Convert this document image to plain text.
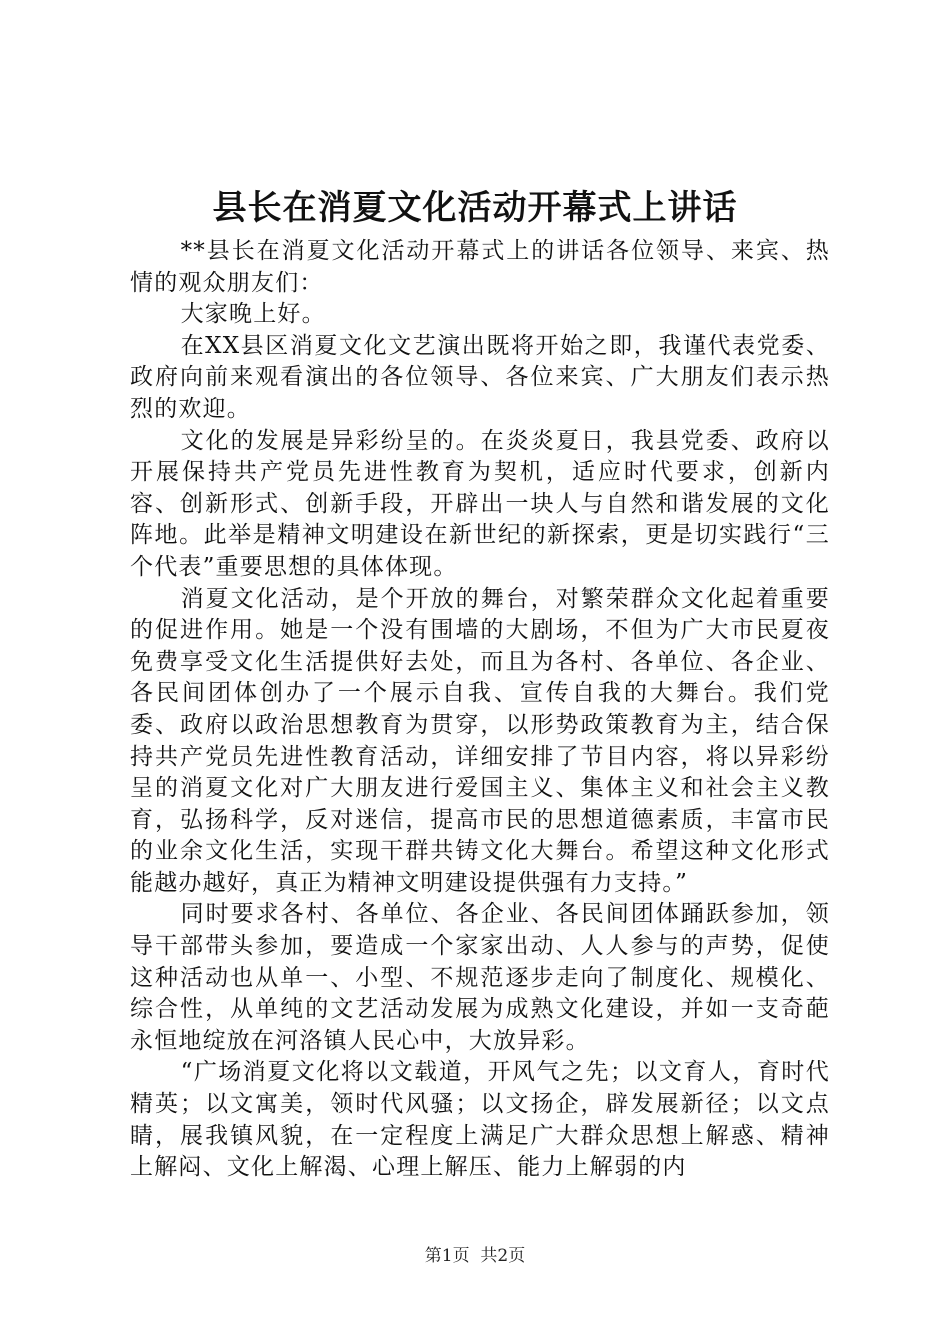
县长在消夏文化活动开幕式上讲话

**县长在消夏文化活动开幕式上的讲话各位领导、来宾、热情的观众朋友们：

大家晚上好。

在XX县区消夏文化文艺演出既将开始之即，我谨代表党委、政府向前来观看演出的各位领导、各位来宾、广大朋友们表示热烈的欢迎。

文化的发展是异彩纷呈的。在炎炎夏日，我县党委、政府以开展保持共产党员先进性教育为契机，适应时代要求，创新内容、创新形式、创新手段，开辟出一块人与自然和谐发展的文化阵地。此举是精神文明建设在新世纪的新探索，更是切实践行“三个代表”重要思想的具体体现。

消夏文化活动，是个开放的舞台，对繁荣群众文化起着重要的促进作用。她是一个没有围墙的大剧场，不但为广大市民夏夜免费享受文化生活提供好去处，而且为各村、各单位、各企业、各民间团体创办了一个展示自我、宣传自我的大舞台。我们党委、政府以政治思想教育为贯穿，以形势政策教育为主，结合保持共产党员先进性教育活动，详细安排了节目内容，将以异彩纷呈的消夏文化对广大朋友进行爱国主义、集体主义和社会主义教育，弘扬科学，反对迷信，提高市民的思想道德素质，丰富市民的业余文化生活，实现干群共铸文化大舞台。希望这种文化形式能越办越好，真正为精神文明建设提供强有力支持。”

同时要求各村、各单位、各企业、各民间团体踊跃参加，领导干部带头参加，要造成一个家家出动、人人参与的声势，促使这种活动也从单一、小型、不规范逐步走向了制度化、规模化、综合性，从单纯的文艺活动发展为成熟文化建设，并如一支奇葩永恒地绽放在河洛镇人民心中，大放异彩。

“广场消夏文化将以文载道，开风气之先；以文育人，育时代精英；以文寓美，领时代风骚；以文扬企，辟发展新径；以文点睛，展我镇风貌，在一定程度上满足广大群众思想上解惑、精神上解闷、文化上解渴、心理上解压、能力上解弱的内

第1页 共2页
